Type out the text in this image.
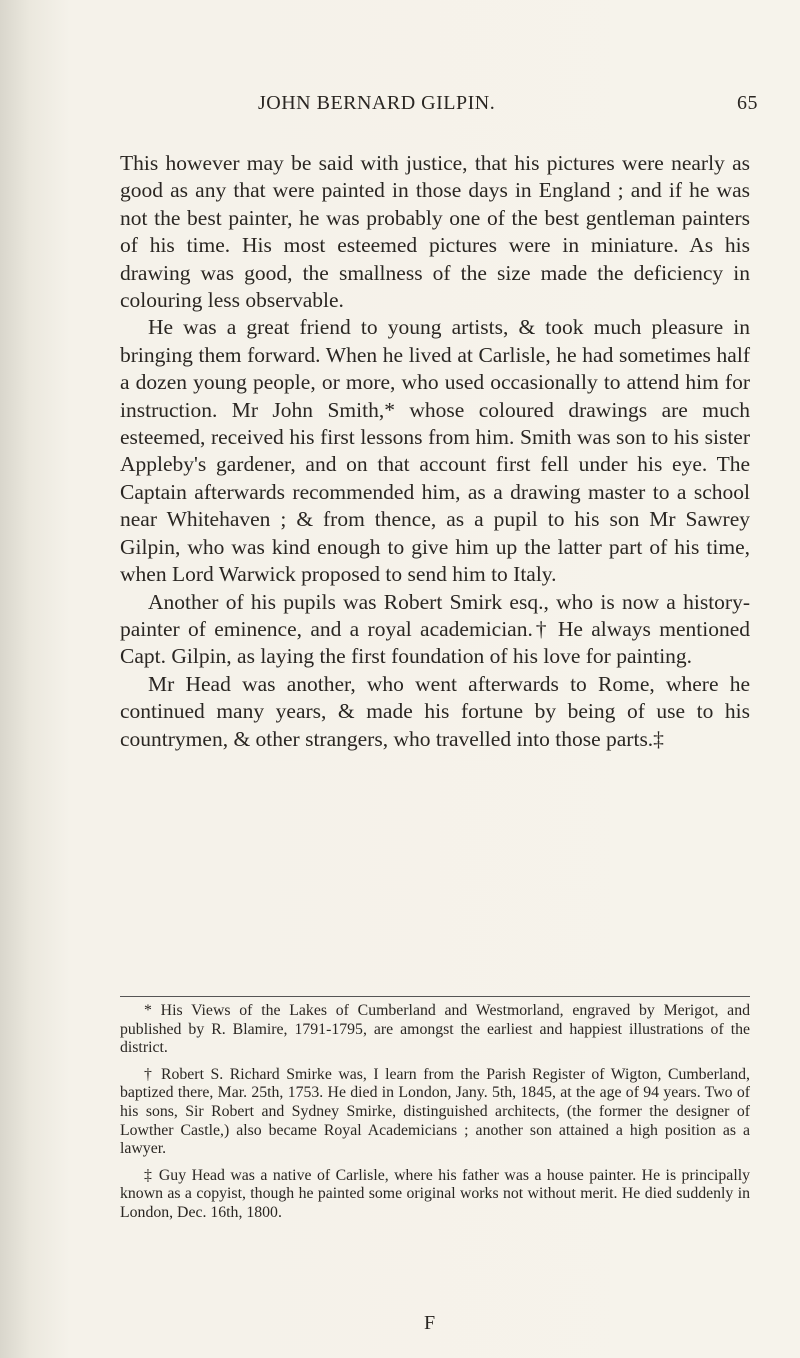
JOHN BERNARD GILPIN.	65

This however may be said with justice, that his pictures were nearly as good as any that were painted in those days in England ; and if he was not the best painter, he was probably one of the best gentleman painters of his time. His most esteemed pictures were in miniature. As his drawing was good, the smallness of the size made the deficiency in colouring less observable.

He was a great friend to young artists, & took much pleasure in bringing them forward. When he lived at Carlisle, he had sometimes half a dozen young people, or more, who used occasionally to attend him for instruction. Mr John Smith,* whose coloured drawings are much esteemed, received his first lessons from him. Smith was son to his sister Appleby's gardener, and on that account first fell under his eye. The Captain afterwards recommended him, as a drawing master to a school near Whitehaven ; & from thence, as a pupil to his son Mr Sawrey Gilpin, who was kind enough to give him up the latter part of his time, when Lord Warwick proposed to send him to Italy.

Another of his pupils was Robert Smirk esq., who is now a history-painter of eminence, and a royal academician.† He always mentioned Capt. Gilpin, as laying the first foundation of his love for painting.

Mr Head was another, who went afterwards to Rome, where he continued many years, & made his fortune by being of use to his countrymen, & other strangers, who travelled into those parts.‡

* His Views of the Lakes of Cumberland and Westmorland, engraved by Merigot, and published by R. Blamire, 1791-1795, are amongst the earliest and happiest illustrations of the district.

† Robert S. Richard Smirke was, I learn from the Parish Register of Wigton, Cumberland, baptized there, Mar. 25th, 1753. He died in London, Jany. 5th, 1845, at the age of 94 years. Two of his sons, Sir Robert and Sydney Smirke, distinguished architects, (the former the designer of Lowther Castle,) also became Royal Academicians ; another son attained a high position as a lawyer.

‡ Guy Head was a native of Carlisle, where his father was a house painter. He is principally known as a copyist, though he painted some original works not without merit. He died suddenly in London, Dec. 16th, 1800.

F
